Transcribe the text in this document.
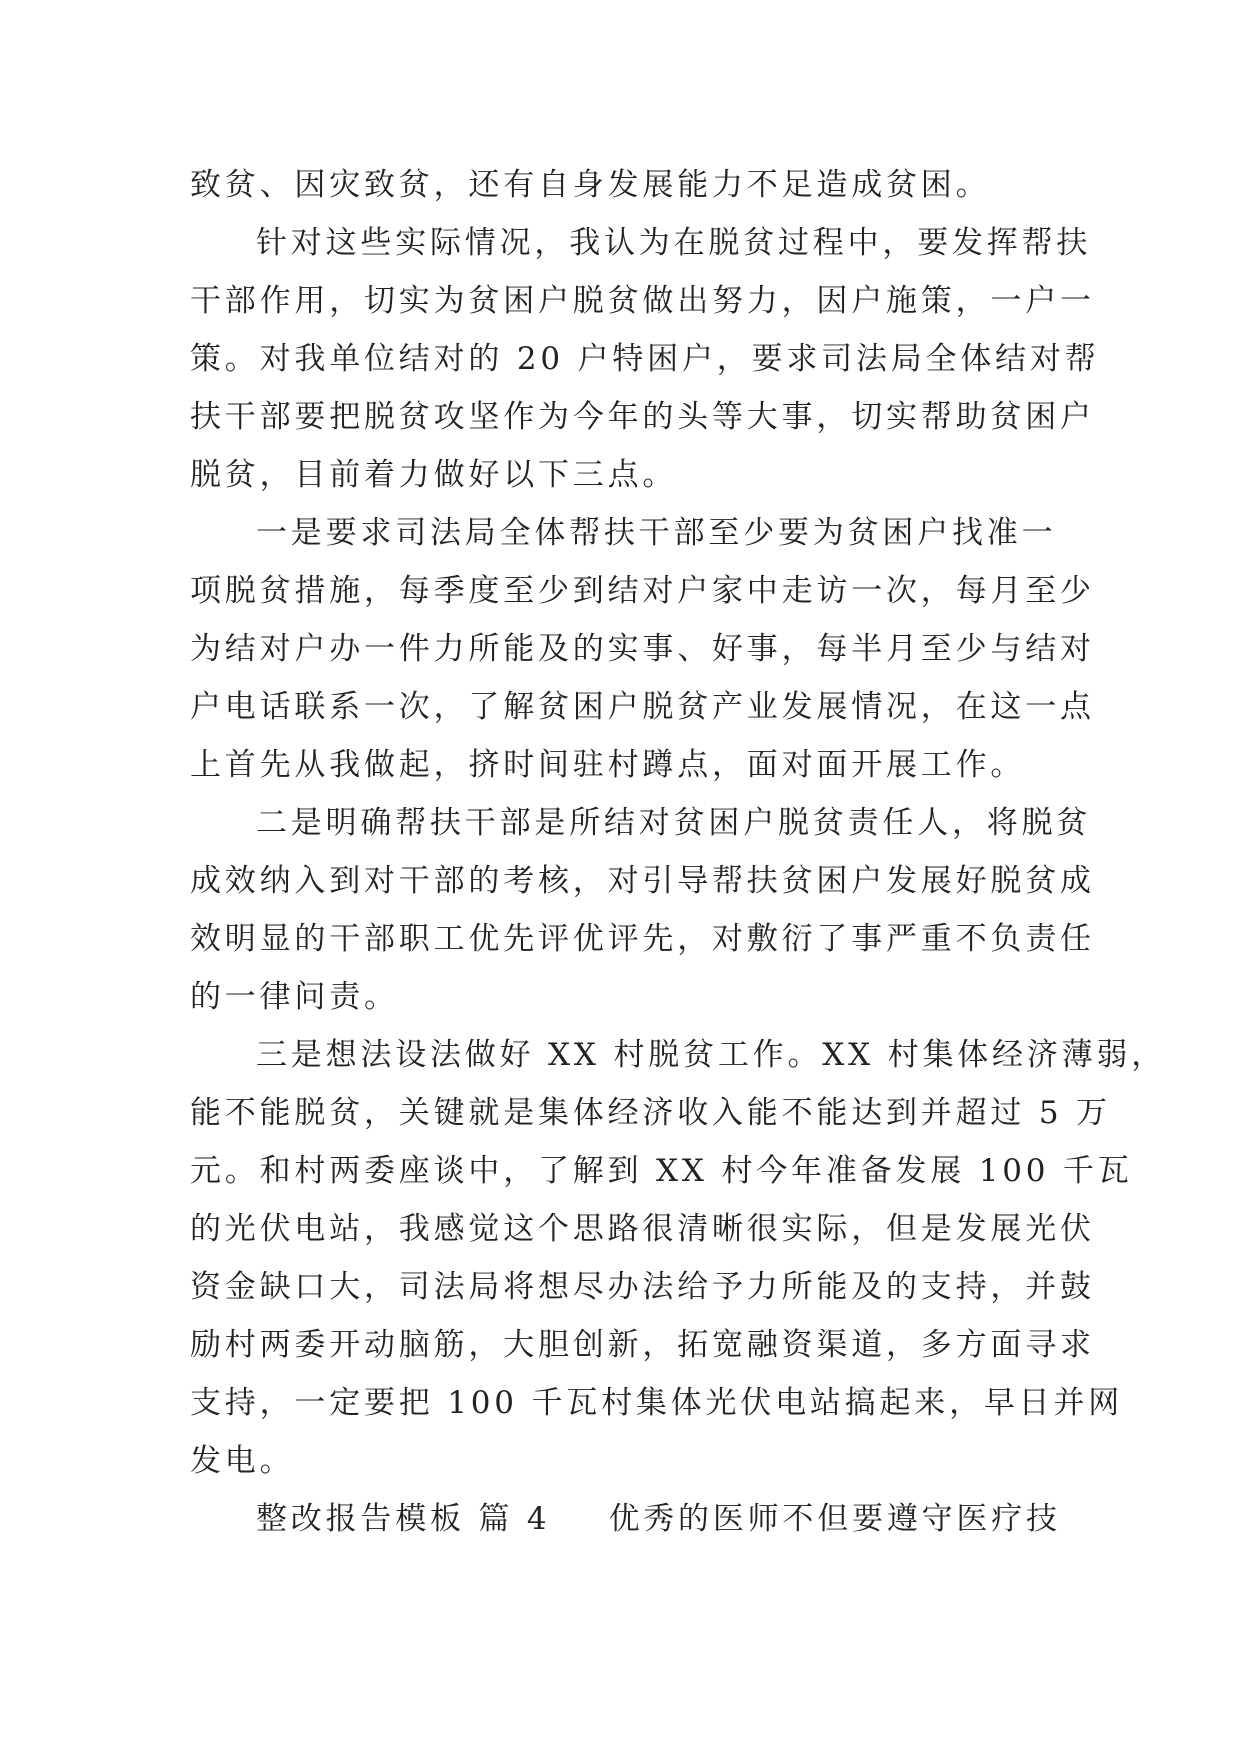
致贫、因灾致贫，还有自身发展能力不足造成贫困。
针对这些实际情况，我认为在脱贫过程中，要发挥帮扶
干部作用，切实为贫困户脱贫做出努力，因户施策，一户一
策。对我单位结对的 20 户特困户，要求司法局全体结对帮
扶干部要把脱贫攻坚作为今年的头等大事，切实帮助贫困户
脱贫，目前着力做好以下三点。
一是要求司法局全体帮扶干部至少要为贫困户找准一
项脱贫措施，每季度至少到结对户家中走访一次，每月至少
为结对户办一件力所能及的实事、好事，每半月至少与结对
户电话联系一次，了解贫困户脱贫产业发展情况，在这一点
上首先从我做起，挤时间驻村蹲点，面对面开展工作。
二是明确帮扶干部是所结对贫困户脱贫责任人，将脱贫
成效纳入到对干部的考核，对引导帮扶贫困户发展好脱贫成
效明显的干部职工优先评优评先，对敷衍了事严重不负责任
的一律问责。
三是想法设法做好 XX 村脱贫工作。XX 村集体经济薄弱，
能不能脱贫，关键就是集体经济收入能不能达到并超过 5 万
元。和村两委座谈中，了解到 XX 村今年准备发展 100 千瓦
的光伏电站，我感觉这个思路很清晰很实际，但是发展光伏
资金缺口大，司法局将想尽办法给予力所能及的支持，并鼓
励村两委开动脑筋，大胆创新，拓宽融资渠道，多方面寻求
支持，一定要把 100 千瓦村集体光伏电站搞起来，早日并网
发电。
整改报告模板 篇 4 优秀的医师不但要遵守医疗技
